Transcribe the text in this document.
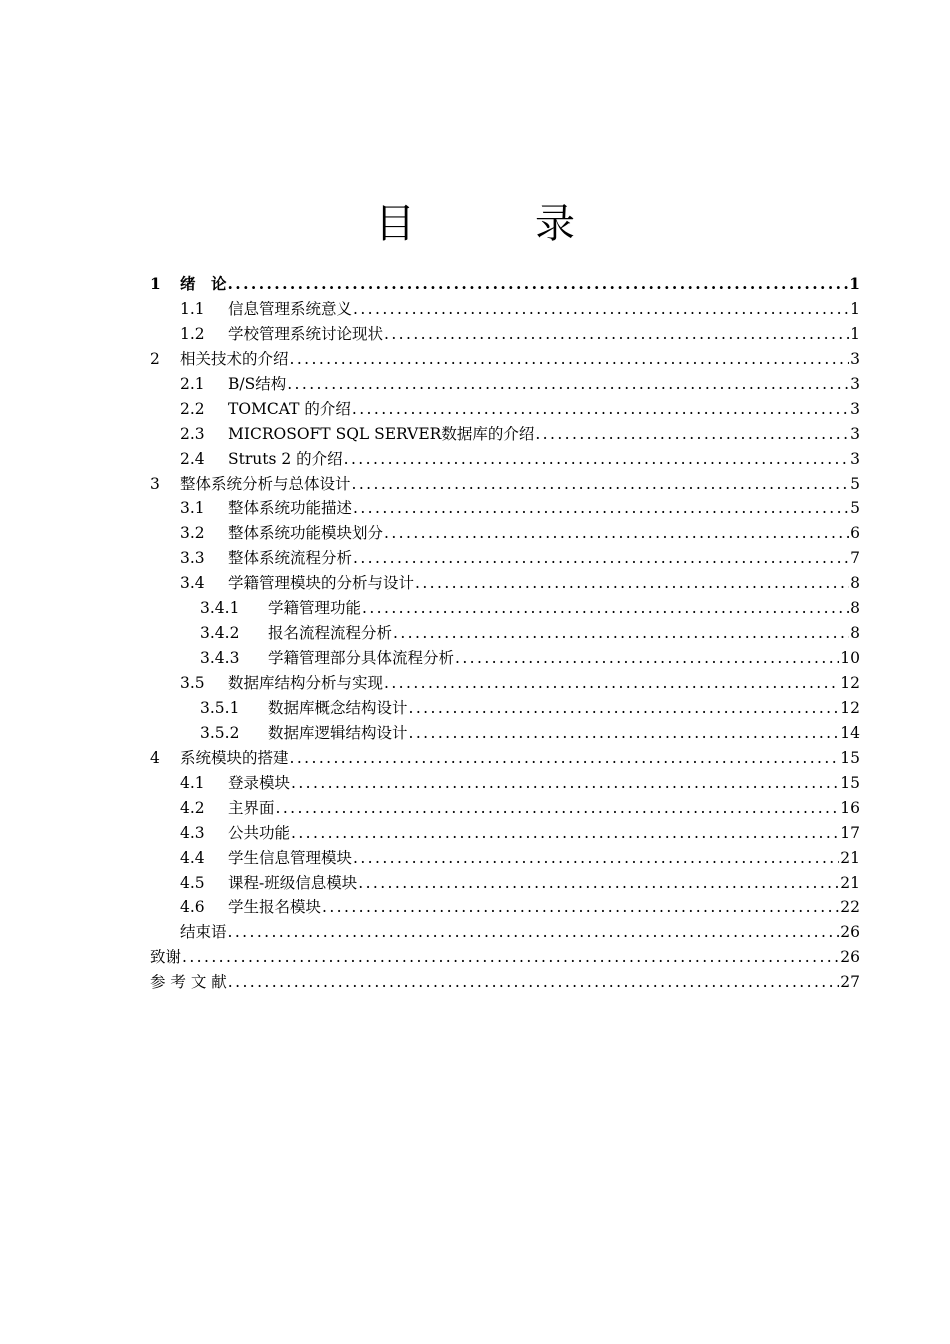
目　录
1	绪　论 .....	1
1.1	信息管理系统意义 .....	1
1.2	学校管理系统讨论现状 .....	1
2	相关技术的介绍 .....	3
2.1	B/S结构 .....	3
2.2	TOMCAT 的介绍 .....	3
2.3	MICROSOFT SQL SERVER数据库的介绍 .....	3
2.4	Struts 2 的介绍 .....	3
3	整体系统分析与总体设计 .....	5
3.1	整体系统功能描述 .....	5
3.2	整体系统功能模块划分 .....	6
3.3	整体系统流程分析 .....	7
3.4	学籍管理模块的分析与设计 .....	8
3.4.1	学籍管理功能 .....	8
3.4.2	报名流程流程分析 .....	8
3.4.3	学籍管理部分具体流程分析 .....	10
3.5	数据库结构分析与实现 .....	12
3.5.1	数据库概念结构设计 .....	12
3.5.2	数据库逻辑结构设计 .....	14
4	系统模块的搭建 .....	15
4.1	登录模块 .....	15
4.2	主界面 .....	16
4.3	公共功能 .....	17
4.4	学生信息管理模块 .....	21
4.5	课程-班级信息模块 .....	21
4.6	学生报名模块 .....	22
结束语 .....	26
致谢 .....	26
参 考 文 献 .....	27
